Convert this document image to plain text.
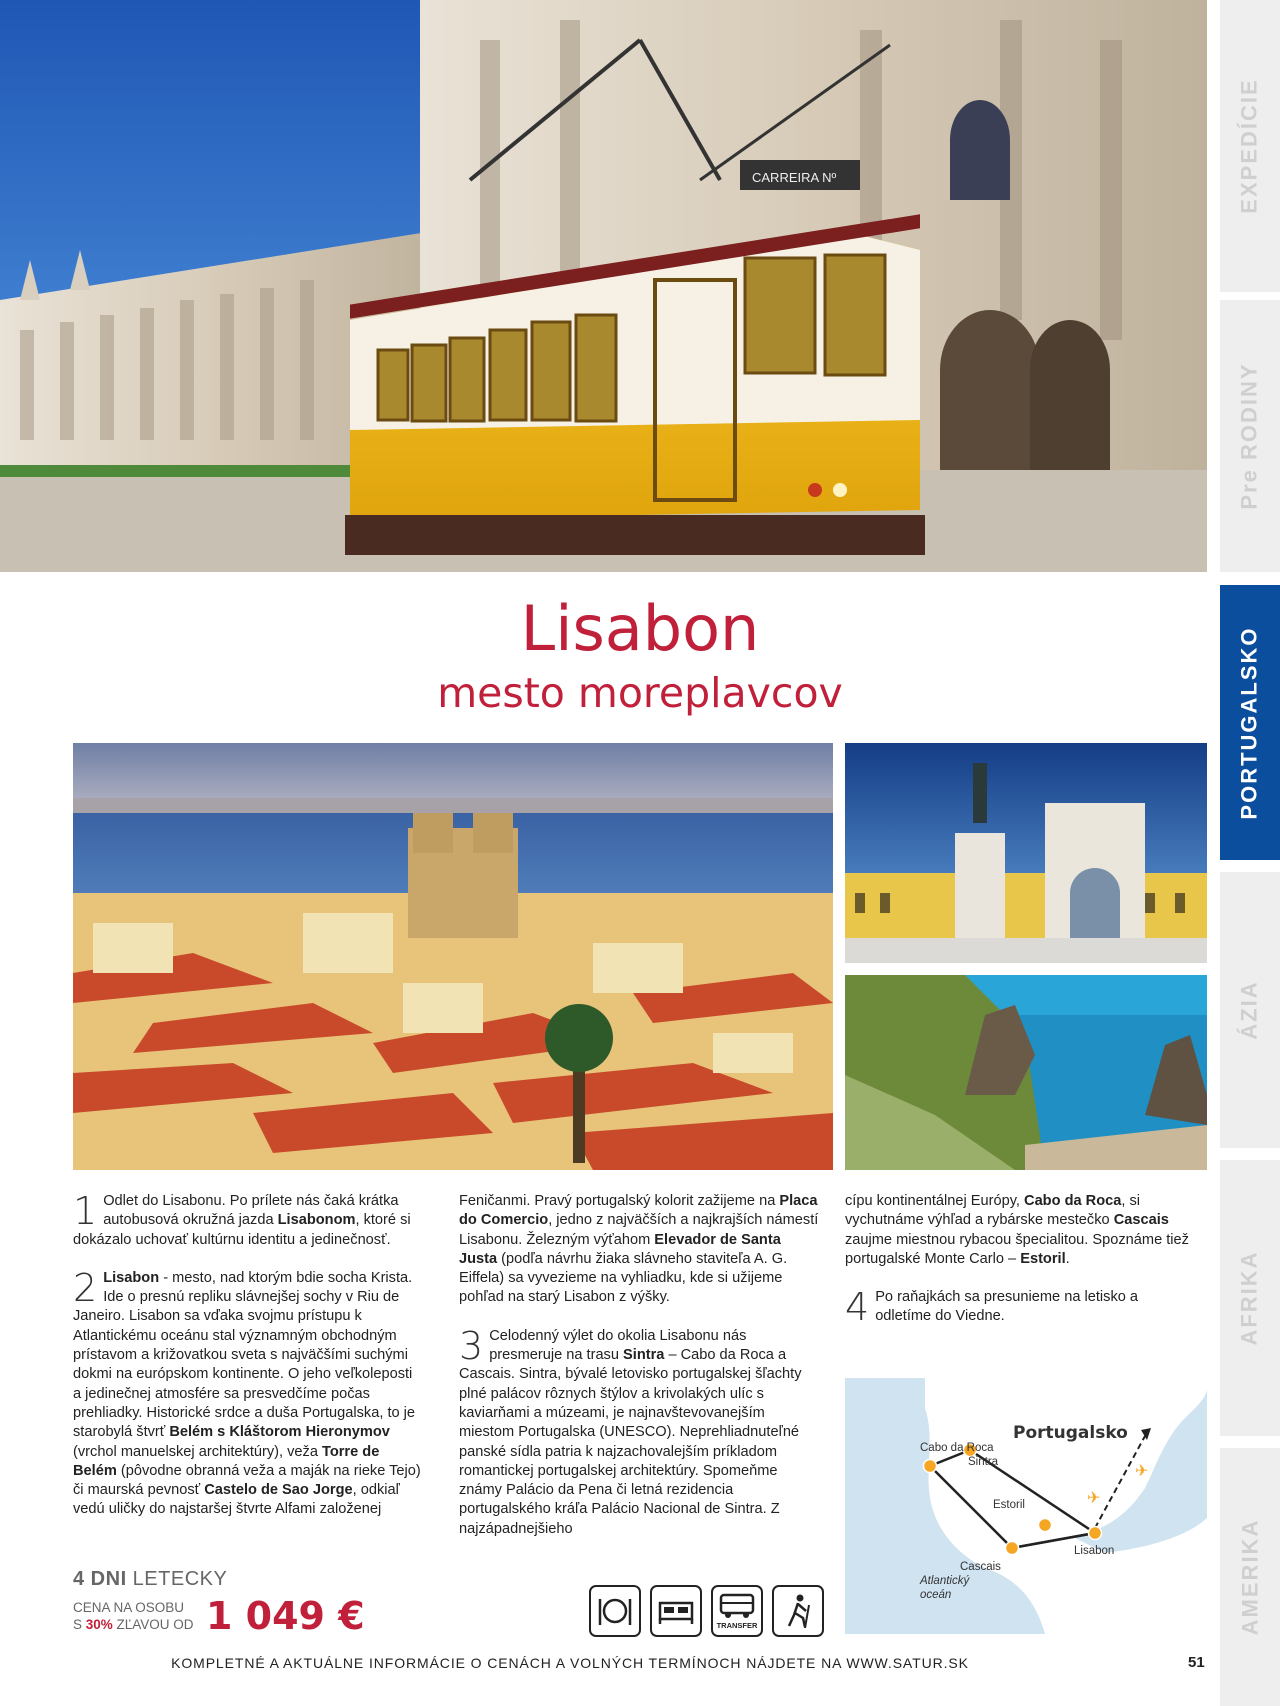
CARREIRA Nº	EXPEDÍCIE
Pre RODINY
PORTUGALSKO
ÁZIA
AFRIKA
AMERIKA
Lisabon
mesto moreplavcov

1 Odlet do Lisabonu. Po prílete nás čaká krátka autobusová okružná jazda Lisabonom, ktoré si dokázalo uchovať kultúrnu identitu a jedinečnosť.

2 Lisabon - mesto, nad ktorým bdie socha Krista. Ide o presnú repliku slávnejšej sochy v Riu de Janeiro. Lisabon sa vďaka svojmu prístupu k Atlantickému oceánu stal významným obchodným prístavom a križovatkou sveta s najväčšími suchými dokmi na európskom kontinente. O jeho veľkoleposti a jedinečnej atmosfére sa presvedčíme počas prehliadky. Historické srdce a duša Portugalska, to je starobylá štvrť Belém s Kláštorom Hieronymov (vrchol manuelskej architektúry), veža Torre de Belém (pôvodne obranná veža a maják na rieke Tejo) či maurská pevnosť Castelo de Sao Jorge, odkiaľ vedú uličky do najstaršej štvrte Alfami založenej

Feničanmi. Pravý portugalský kolorit zažijeme na Placa do Comercio, jedno z najväčších a najkrajších námestí Lisabonu. Železným výťahom Elevador de Santa Justa (podľa návrhu žiaka slávneho staviteľa A. G. Eiffela) sa vyvezieme na vyhliadku, kde si užijeme pohľad na starý Lisabon z výšky.

3 Celodenný výlet do okolia Lisabonu nás presmeruje na trasu Sintra – Cabo da Roca a Cascais. Sintra, bývalé letovisko portugalskej šľachty plné palácov rôznych štýlov a krivolakých ulíc s kaviarňami a múzeami, je najnavštevovanejším miestom Portugalska (UNESCO). Neprehliadnuteľné panské sídla patria k najzachovalejším príkladom romantickej portugalskej architektúry. Spomeňme známy Palácio da Pena či letná rezidencia portugalského kráľa Palácio Nacional de Sintra. Z najzápadnejšieho

cípu kontinentálnej Európy, Cabo da Roca, si vychutnáme výhľad a rybárske mestečko Cascais zaujme miestnou rybacou špecialitou. Spoznáme tiež portugalské Monte Carlo – Estoril.

4 Po raňajkách sa presunieme na letisko a odletíme do Viedne.

Portugalsko
Cabo da Roca
Sintra
Estoril
Cascais
Lisabon
Atlantický
oceán
✈
✈
4 DNI LETECKY
CENA NA OSOBU
S 30% ZĽAVOU OD 1 049 €	TRANSFER
KOMPLETNÉ A AKTUÁLNE INFORMÁCIE O CENÁCH A VOLNÝCH TERMÍNOCH NÁJDETE NA WWW.SATUR.SK	51
